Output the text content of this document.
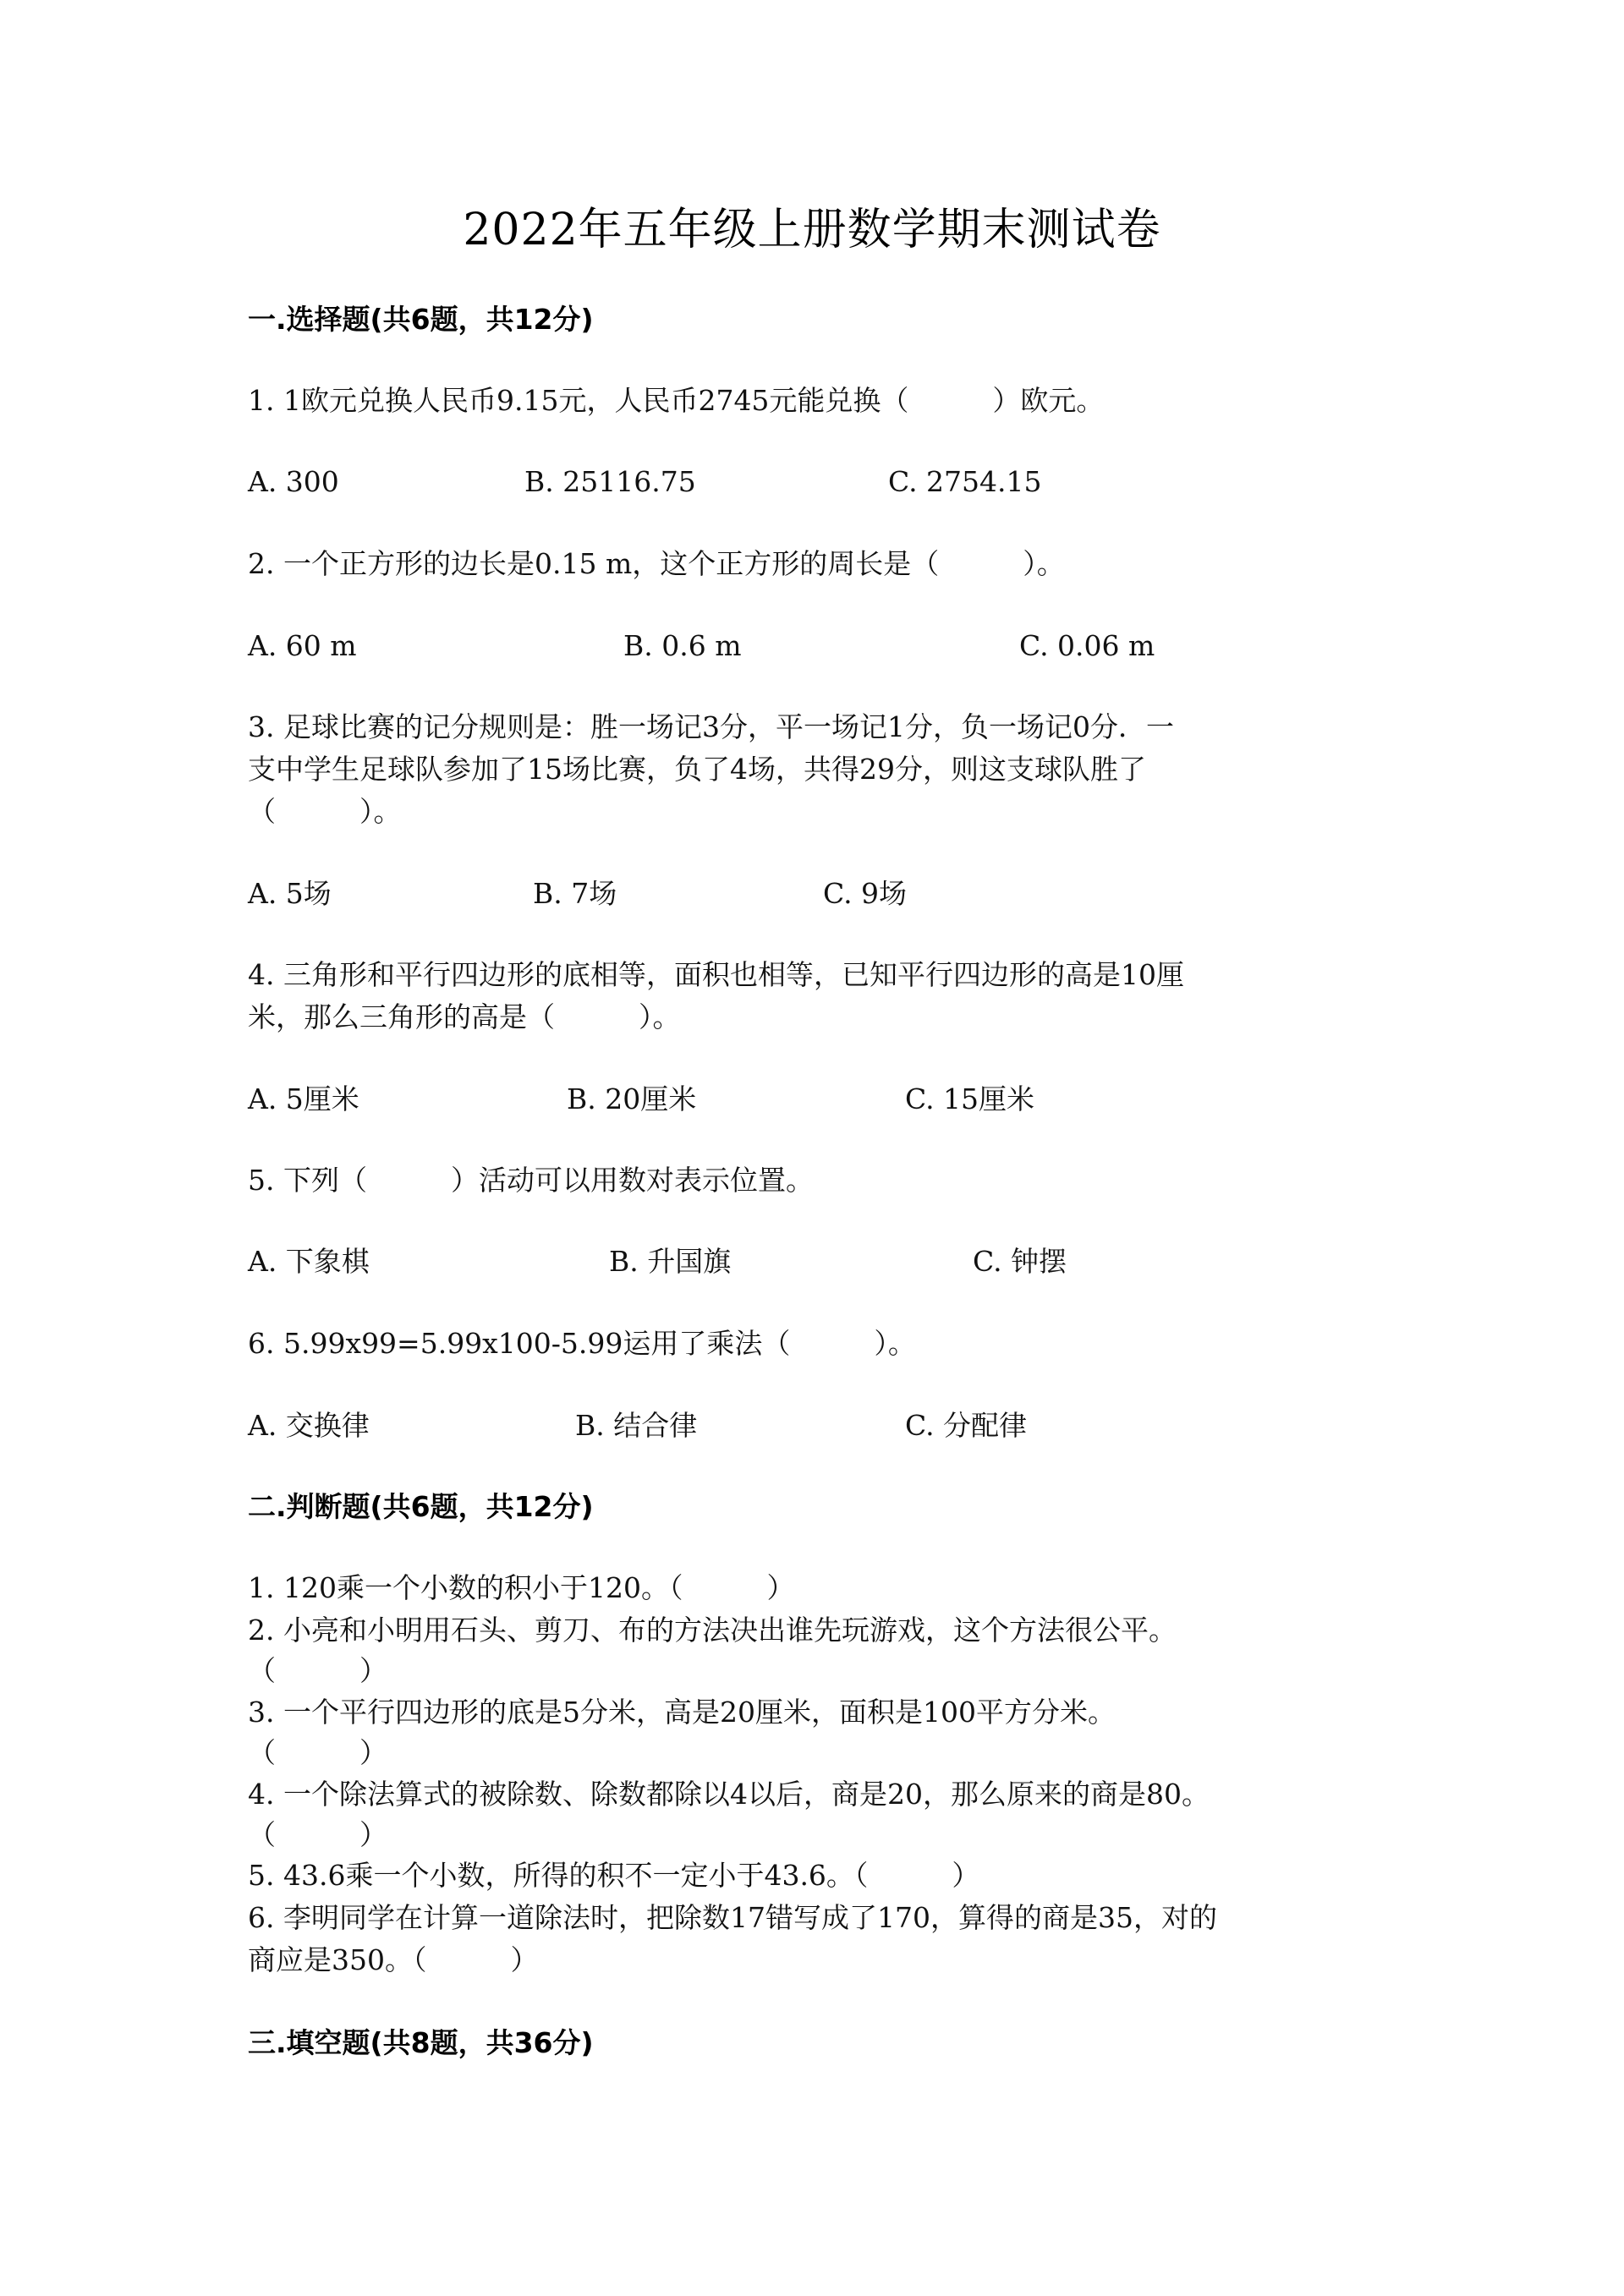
2022年五年级上册数学期末测试卷
一.选择题(共6题，共12分)
1. 1欧元兑换人民币9.15元，人民币2745元能兑换（　　　）欧元。
A. 300	B. 25116.75	C. 2754.15
2. 一个正方形的边长是0.15 m，这个正方形的周长是（　　　）。
A. 60 m	B. 0.6 m	C. 0.06 m
3. 足球比赛的记分规则是：胜一场记3分，平一场记1分，负一场记0分．一
支中学生足球队参加了15场比赛，负了4场，共得29分，则这支球队胜了
（　　　）。
A. 5场	B. 7场	C. 9场
4. 三角形和平行四边形的底相等，面积也相等，已知平行四边形的高是10厘
米，那么三角形的高是（　　　）。
A. 5厘米	B. 20厘米	C. 15厘米
5. 下列（　　　）活动可以用数对表示位置。
A. 下象棋	B. 升国旗	C. 钟摆
6. 5.99x99=5.99x100-5.99运用了乘法（　　　）。
A. 交换律	B. 结合律	C. 分配律
二.判断题(共6题，共12分)
1. 120乘一个小数的积小于120。（　　　）
2. 小亮和小明用石头、剪刀、布的方法决出谁先玩游戏，这个方法很公平。
（　　　）
3. 一个平行四边形的底是5分米，高是20厘米，面积是100平方分米。
（　　　）
4. 一个除法算式的被除数、除数都除以4以后，商是20，那么原来的商是80。
（　　　）
5. 43.6乘一个小数，所得的积不一定小于43.6。（　　　）
6. 李明同学在计算一道除法时，把除数17错写成了170，算得的商是35，对的
商应是350。（　　　）
三.填空题(共8题，共36分)
